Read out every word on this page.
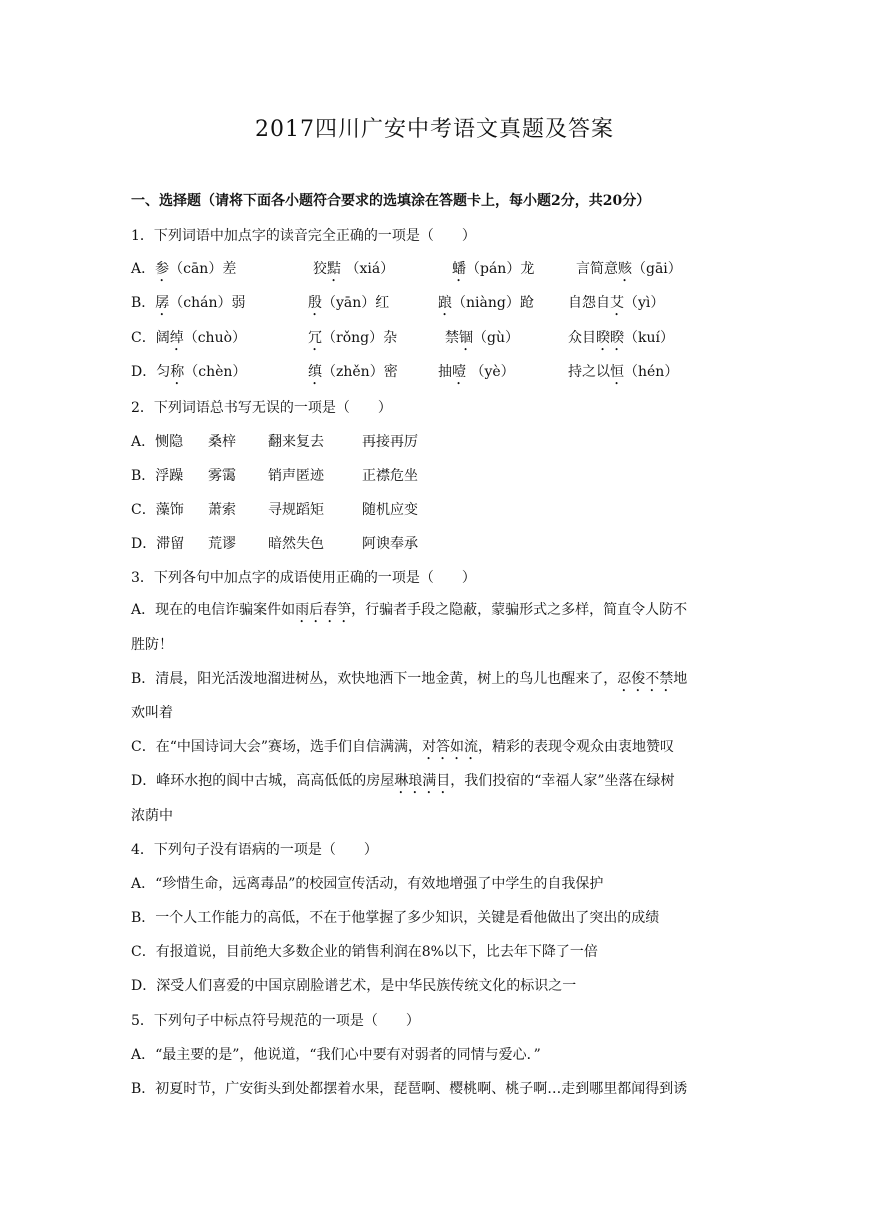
2017四川广安中考语文真题及答案
一、选择题（请将下面各小题符合要求的选填涂在答题卡上，每小题2分，共20分）
1．下列词语中加点字的读音完全正确的一项是（　　）
A．参（cān）差	狡黠 （xiá）	蟠（pán）龙	言简意赅（gāi）
B．孱（chán）弱	殷（yān）红	踉（niàng）跄 自怨自艾（yì）
C．阔绰（chuò）	冗（rǒng）杂	禁锢（gù）	众目睽睽（kuí）
D．匀称（chèn）	缜（zhěn）密	抽噎 （yè）	持之以恒（hén）
2．下列词语总书写无误的一项是（　　）
A．恻隐 桑梓 翻来复去	再接再厉
B．浮躁 雾霭 销声匿迹	正襟危坐
C．藻饰 萧索 寻规蹈矩	随机应变
D．滞留 荒谬 暗然失色	阿谀奉承
3．下列各句中加点字的成语使用正确的一项是（　　）
A．现在的电信诈骗案件如雨后春笋，行骗者手段之隐蔽，蒙骗形式之多样，简直令人防不
胜防！
B．清晨，阳光活泼地溜进树丛，欢快地洒下一地金黄，树上的鸟儿也醒来了，忍俊不禁地
欢叫着
C．在“中国诗词大会”赛场，选手们自信满满，对答如流，精彩的表现令观众由衷地赞叹
D．峰环水抱的阆中古城，高高低低的房屋琳琅满目，我们投宿的“幸福人家”坐落在绿树
浓荫中
4．下列句子没有语病的一项是（　　）
A．“珍惜生命，远离毒品”的校园宣传活动，有效地增强了中学生的自我保护
B．一个人工作能力的高低，不在于他掌握了多少知识，关键是看他做出了突出的成绩
C．有报道说，目前绝大多数企业的销售利润在8%以下，比去年下降了一倍
D．深受人们喜爱的中国京剧脸谱艺术，是中华民族传统文化的标识之一
5．下列句子中标点符号规范的一项是（　　）
A．“最主要的是”，他说道，“我们心中要有对弱者的同情与爱心．”
B．初夏时节，广安街头到处都摆着水果，琵琶啊、樱桃啊、桃子啊…走到哪里都闻得到诱
